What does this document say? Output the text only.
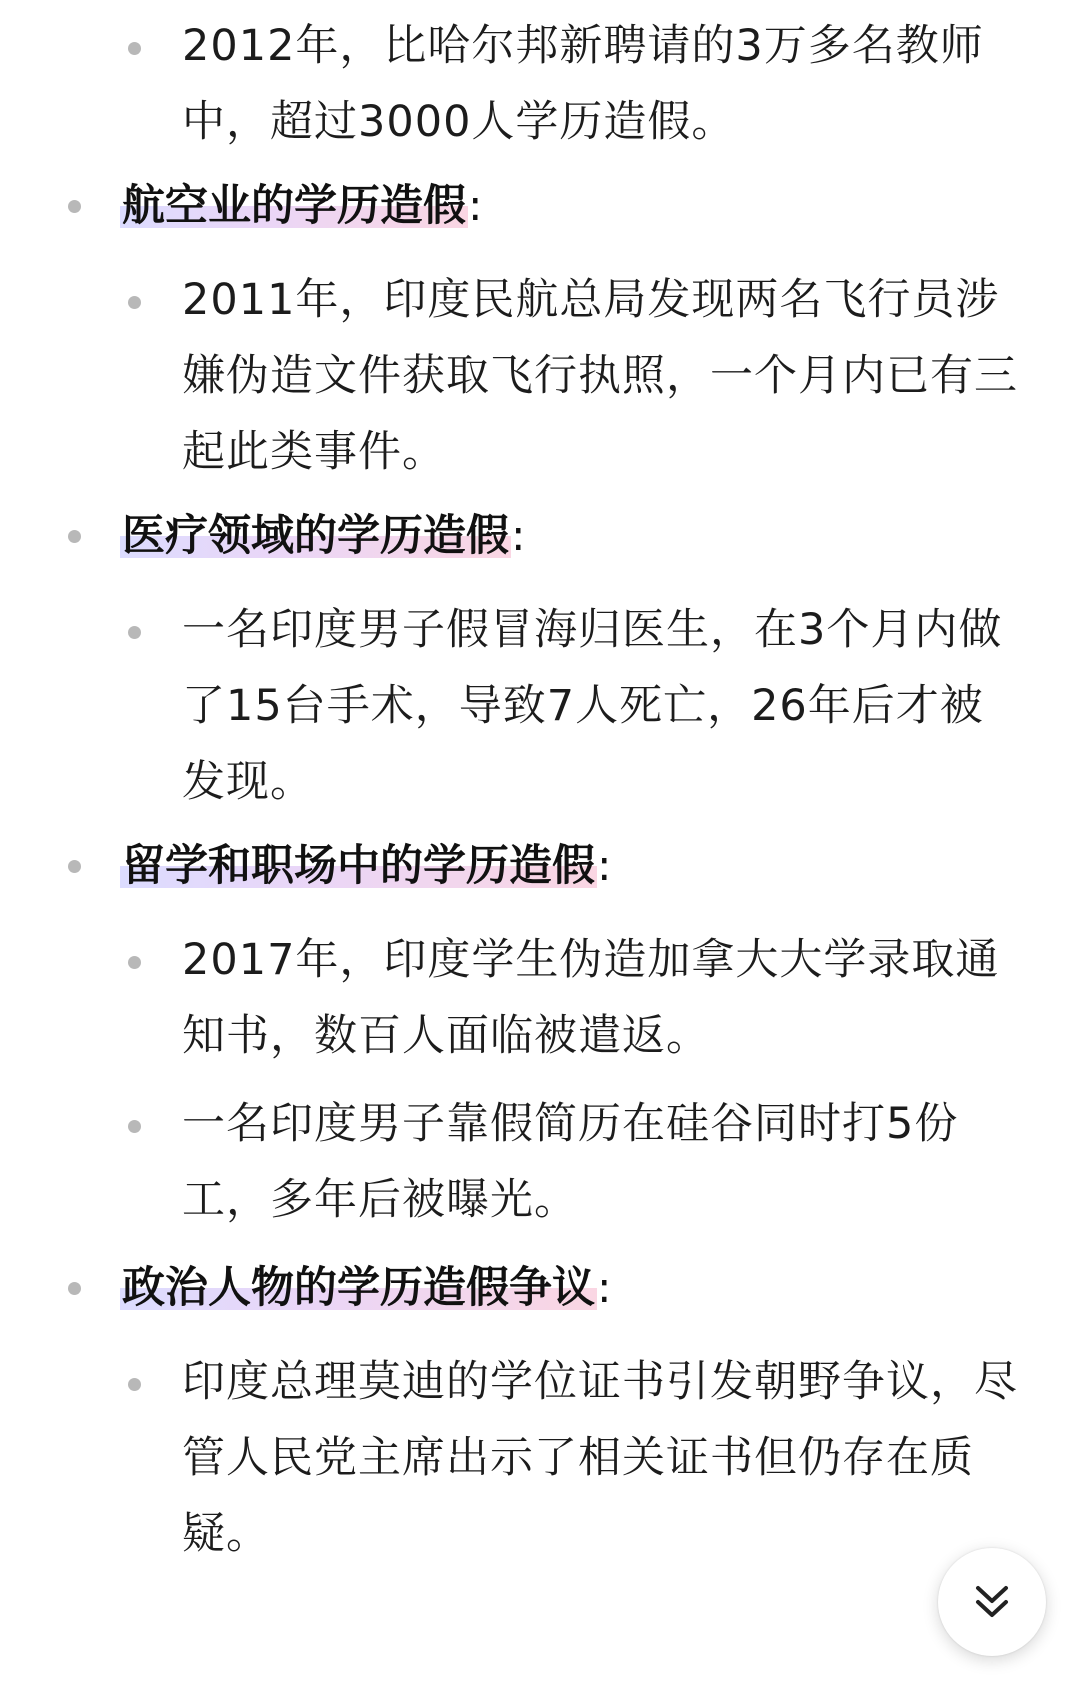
2012年，比哈尔邦新聘请的3万多名教师中，超过3000人学历造假。

航空业的学历造假:

2011年，印度民航总局发现两名飞行员涉嫌伪造文件获取飞行执照，一个月内已有三起此类事件。

医疗领域的学历造假:

一名印度男子假冒海归医生，在3个月内做了15台手术，导致7人死亡，26年后才被发现。

留学和职场中的学历造假:

2017年，印度学生伪造加拿大大学录取通知书，数百人面临被遣返。

一名印度男子靠假简历在硅谷同时打5份工，多年后被曝光。

政治人物的学历造假争议:

印度总理莫迪的学位证书引发朝野争议，尽管人民党主席出示了相关证书但仍存在质疑。
